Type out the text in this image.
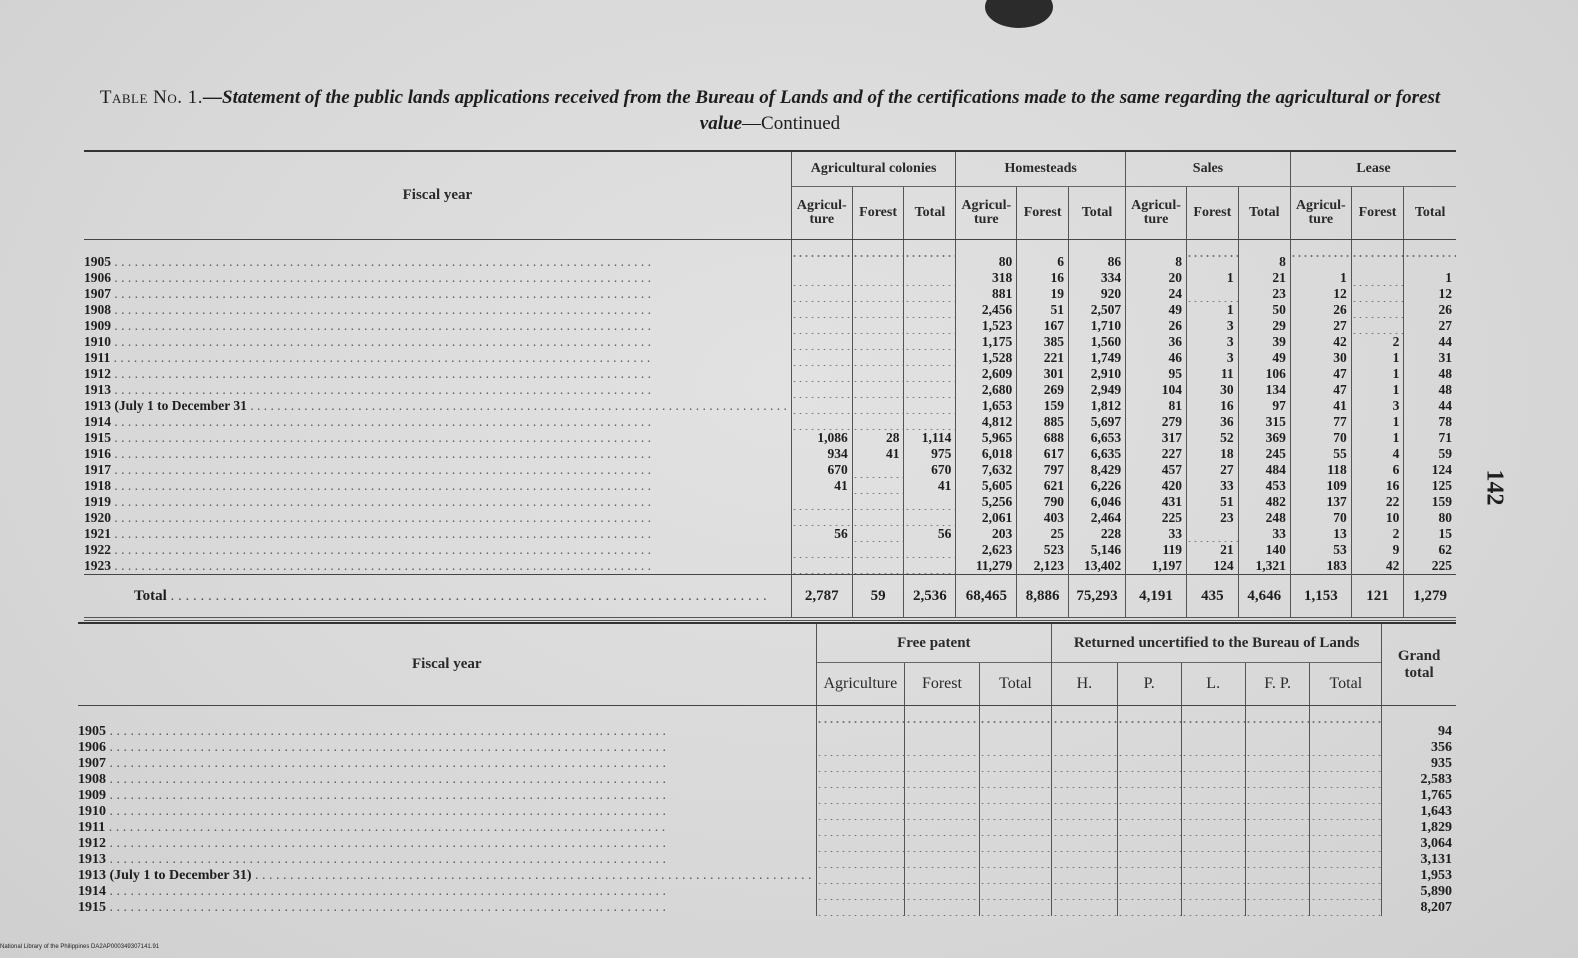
Table No. 1.—Statement of the public lands applications received from the Bureau of Lands and of the certifications made to the same regarding the agricultural or forest value—Continued
Fiscal year	Agricultural colonies			Homesteads			Sales			Lease		
	Agricul-ture	Forest	Total	Agricul-ture	Forest	Total	Agricul-ture	Forest	Total	Agricul-ture	Forest	Total
1905 . . .				80	6	86	8		8			
1906 . . .				318	16	334	20	1	21	1		1
1907 . . .				881	19	920	24		23	12		12
1908 . . .				2,456	51	2,507	49	1	50	26		26
1909 . . .				1,523	167	1,710	26	3	29	27		27
1910 . . .				1,175	385	1,560	36	3	39	42	2	44
1911 . . .				1,528	221	1,749	46	3	49	30	1	31
1912 . . .				2,609	301	2,910	95	11	106	47	1	48
1913 . . .				2,680	269	2,949	104	30	134	47	1	48
1913 (July 1 to December 31 . . .				1,653	159	1,812	81	16	97	41	3	44
1914 . . .				4,812	885	5,697	279	36	315	77	1	78
1915 . . .	1,086	28	1,114	5,965	688	6,653	317	52	369	70	1	71
1916 . . .	934	41	975	6,018	617	6,635	227	18	245	55	4	59
1917 . . .	670		670	7,632	797	8,429	457	27	484	118	6	124
1918 . . .	41		41	5,605	621	6,226	420	33	453	109	16	125
1919 . . .				5,256	790	6,046	431	51	482	137	22	159
1920 . . .				2,061	403	2,464	225	23	248	70	10	80
1921 . . .	56		56	203	25	228	33		33	13	2	15
1922 . . .				2,623	523	5,146	119	21	140	53	9	62
1923 . . .				11,279	2,123	13,402	1,197	124	1,321	183	42	225
Total . . .	2,787	59	2,536	68,465	8,886	75,293	4,191	435	4,646	1,153	121	1,279
Fiscal year	Free patent			Returned uncertified to the Bureau of Lands					Grand total
	Agriculture	Forest	Total	H.	P.	L.	F. P.	Total	
1905 . . .									94
1906 . . .									356
1907 . . .									935
1908 . . .									2,583
1909 . . .									1,765
1910 . . .									1,643
1911 . . .									1,829
1912 . . .									3,064
1913 . . .									3,131
1913 (July 1 to December 31) . . .									1,953
1914 . . .									5,890
1915 . . .									8,207
142
National Library of the Philippines DA2AP000349307141.91
